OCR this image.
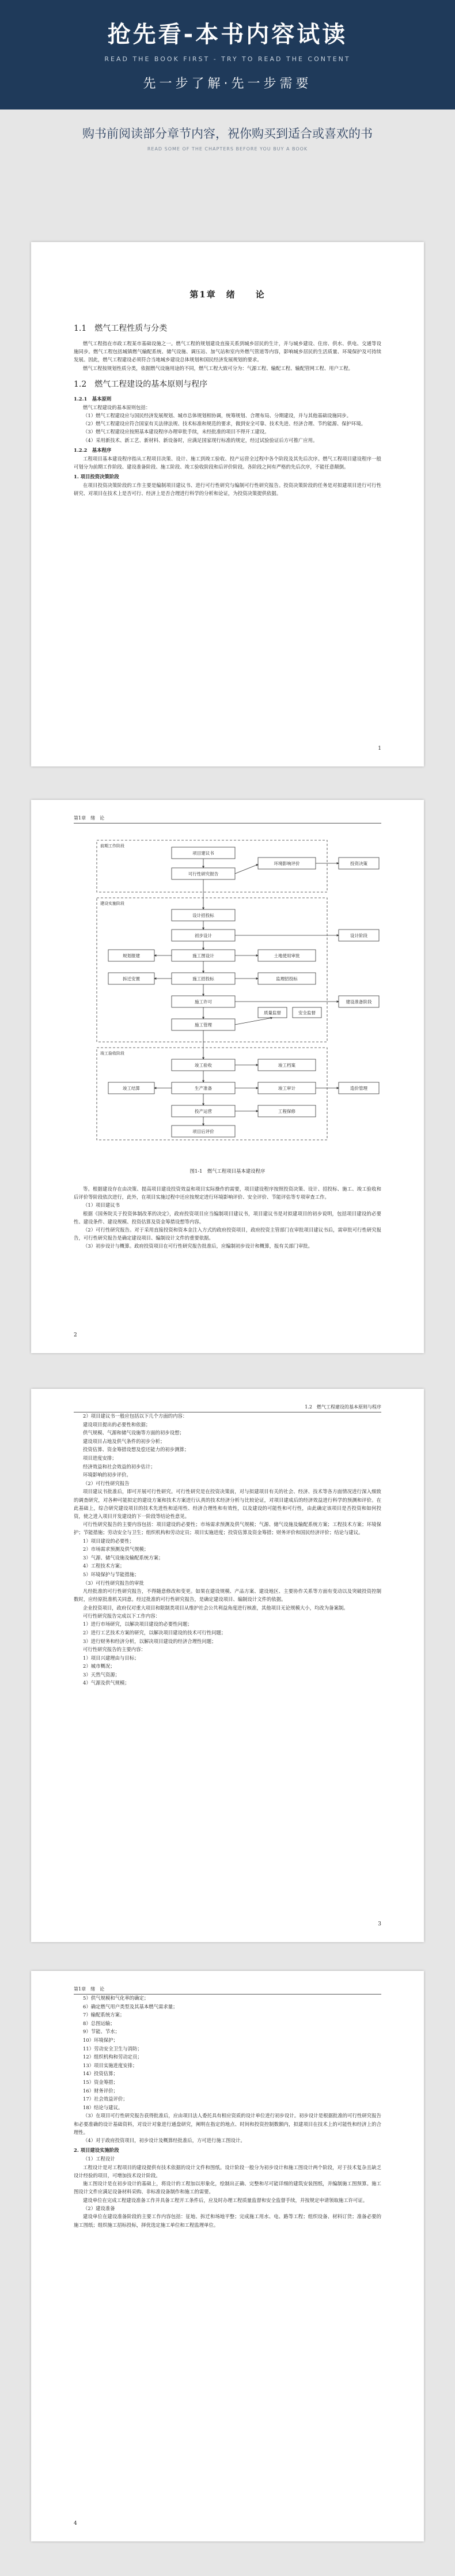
抢先看-本书内容试读
READ THE BOOK FIRST - TRY TO READ THE CONTENT
先一步了解·先一步需要
购书前阅读部分章节内容，祝你购买到适合或喜欢的书
READ SOME OF THE CHAPTERS BEFORE YOU BUY A BOOK
第1章　绪　　论
1.1　燃气工程性质与分类

燃气工程指在市政工程某市基础设施之一。燃气工程的规划建设直接关系到城乡居民的生计，并与城乡建设、住房、供水、供电、交通等设施同步。燃气工程包括城镇燃气输配系统、储气设施、调压站、加气站和室内外燃气管道等内容，影响城乡居民的生活质量、环境保护及可持续发展。因此，燃气工程建设必须符合当地城乡建设总体规划和国民经济发展规划的要求。

燃气工程按规划性质分类，依据燃气设施用途的不同，燃气工程大致可分为：气源工程、输配工程、输配管网工程、用户工程。

1.2　燃气工程建设的基本原则与程序
1.2.1　基本原则

燃气工程建设的基本原则包括：

（1）燃气工程建设应与国民经济发展规划、城市总体规划相协调，统筹规划、合理布局、分期建设，并与其他基础设施同步。

（2）燃气工程建设应符合国家有关法律法规、技术标准和规范的要求，做到安全可靠、技术先进、经济合理、节约能源、保护环境。

（3）燃气工程建设应按照基本建设程序办理审批手续，未经批准的项目不得开工建设。

（4）采用新技术、新工艺、新材料、新设备时，应满足国家现行标准的规定，经过试验验证后方可推广应用。

1.2.2　基本程序

工程项目基本建设程序指从工程项目决策、设计、施工到竣工验收、投产运营全过程中各个阶段及其先后次序。燃气工程项目建设程序一般可划分为前期工作阶段、建设准备阶段、施工阶段、竣工验收阶段和后评价阶段。各阶段之间有严格的先后次序，不能任意颠倒。

1. 项目投资决策阶段

在项目投资决策阶段的工作主要是编制项目建议书、进行可行性研究与编制可行性研究报告。投资决策阶段的任务是对拟建项目进行可行性研究、对项目在技术上是否可行、经济上是否合理进行科学的分析和论证，为投资决策提供依据。

1
第1章　绪　论
前期工作阶段
建设实施阶段
竣工验收阶段
项目建议书
可行性研究报告
环境影响评价	投资决策
设计招投标
初步设计
规划报建	施工图设计	土地使用审批
设计阶段
拆迁安置	施工招投标	监理招投标
施工许可
施工管理
质量监督	安全监督
建设准备阶段
竣工验收	竣工档案
竣工结算	生产准备	竣工审计
投产运营	工程保修
造价管理
项目后评价
图1-1　燃气工程项目基本建设程序

等。根据建设存在由决策、提高项目建设投资效益和项目实际操作的需要，项目建设程序按照投资决策、设计、招投标、施工、竣工验收和后评价等阶段依次进行，此外，在项目实施过程中还应按规定进行环境影响评价、安全评价、节能评估等专项审查工作。

（1）项目建议书

根据《国务院关于投资体制改革的决定》，政府投资项目应当编制项目建议书，项目建议书是对拟建项目的初步说明，包括项目建设的必要性、建设条件、建设规模、投资估算及资金筹措设想等内容。

（2）可行性研究报告。对于采用直接投资和资本金注入方式的政府投资项目，政府投资主管部门在审批项目建议书后，需审批可行性研究报告，可行性研究报告是确定建设项目、编制设计文件的重要依据。

（3）初步设计与概算。政府投资项目在可行性研究报告批准后，应编制初步设计和概算，报有关部门审批。

2
1.2　燃气工程建设的基本原则与程序

2）项目建议书一般应包括以下几个方面的内容：

建设项目提出的必要性和依据；

供气规模、气源和储气设施等方面的初步设想；

建设项目占地及供气条件的初步分析；

投资估算、资金筹措设想及偿还能力的初步测算；

项目进度安排；

经济效益和社会效益的初步估计；

环境影响的初步评价。

（2）可行性研究报告

项目建议书批准后，即可开展可行性研究。可行性研究是在投资决策前，对与拟建项目有关的社会、经济、技术等各方面情况进行深入细致的调查研究，对各种可能拟定的建设方案和技术方案进行认真的技术经济分析与比较论证，对项目建成后的经济效益进行科学的预测和评价。在此基础上，综合研究建设项目的技术先进性和适用性、经济合理性和有效性，以及建设的可能性和可行性，由此确定该项目是否投资和如何投资，使之进入项目开发建设的下一阶段等结论性意见。

可行性研究报告的主要内容包括：项目建设的必要性；市场需求预测及供气规模；气源、储气设施及输配系统方案；工程技术方案；环境保护；节能措施；劳动安全与卫生；组织机构和劳动定员；项目实施进度；投资估算及资金筹措；财务评价和国民经济评价；结论与建议。

1）项目建设的必要性；

2）市场需求预测及供气规模；

3）气源、储气设施及输配系统方案；

4）工程技术方案；

5）环境保护与节能措施；

（3）可行性研究报告的审批

凡经批准的可行性研究报告，不得随意修改和变更。如果在建设规模、产品方案、建设地区、主要协作关系等方面有变动以及突破投资控制数时，应经原批准机关同意。经过批准的可行性研究报告，是确定建设项目、编制设计文件的依据。

企业投资项目，政府仅对重大项目和限制类项目从维护社会公共利益角度进行核准，其他项目无论规模大小，均改为备案制。

可行性研究报告完成以下工作内容：

1）进行市场研究，以解决项目建设的必要性问题；

2）进行工艺技术方案的研究，以解决项目建设的技术可行性问题；

3）进行财务和经济分析，以解决项目建设的经济合理性问题；

可行性研究报告的主要内容：

1）项目兴建理由与目标；

2）城市概况；

3）天然气资源；

4）气源及供气规模；

3
第1章　绪　论

5）供气规模和气化率的确定；

6）确定燃气用户类型及其基本燃气需求量；

7）输配系统方案；

8）总图运输；

9）节能、节水；

10）环境保护；

11）劳动安全卫生与消防；

12）组织机构和劳动定员；

13）项目实施进度安排；

14）投资估算；

15）资金筹措；

16）财务评价；

17）社会效益评价；

18）结论与建议。

（3）在项目可行性研究报告获得批准后，应由项目法人委托具有相应资质的设计单位进行初步设计。初步设计是根据批准的可行性研究报告和必要准确的设计基础资料，对设计对象进行通盘研究，阐明在指定的地点、时间和投资控制数额内，拟建项目在技术上的可能性和经济上的合理性。

（4）对于政府投资项目，初步设计及概算经批准后，方可进行施工图设计。

2. 项目建设实施阶段

（1）工程设计

工程设计是对工程项目的建设提供有技术依据的设计文件和图纸。设计阶段一般分为初步设计和施工图设计两个阶段，对于技术复杂且缺乏设计经验的项目，可增加技术设计阶段。

施工图设计是在初步设计的基础上，将设计的工程加以形象化，绘制出正确、完整和尽可能详细的建筑安装图纸，并编制施工图预算。施工图设计文件应满足设备材料采购、非标准设备制作和施工的需要。

建设单位在完成工程建设准备工作并具备工程开工条件后，应及时办理工程质量监督和安全监督手续，并按规定申请领取施工许可证。

（2）建设准备

建设单位在建设准备阶段的主要工作内容包括：征地、拆迁和场地平整；完成施工用水、电、路等工程；组织设备、材料订货；准备必要的施工图纸；组织施工招标投标，择优选定施工单位和工程监理单位。

4
